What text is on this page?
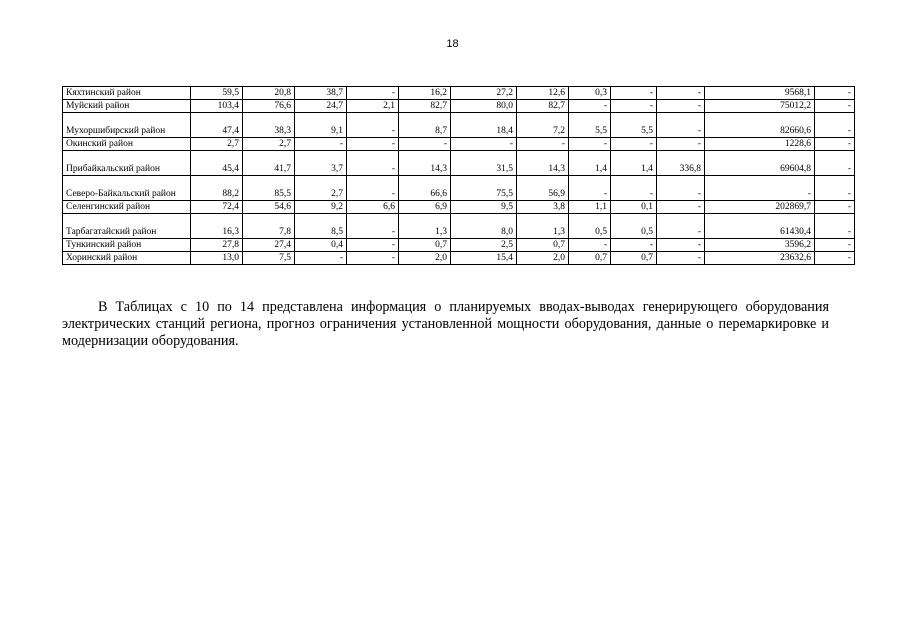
18
Кяхтинский район	59,5	20,8	38,7	-	16,2	27,2	12,6	0,3	-	-	9568,1	-
Муйский район	103,4	76,6	24,7	2,1	82,7	80,0	82,7	-	-	-	75012,2	-
Мухоршибирский район	47,4	38,3	9,1	-	8,7	18,4	7,2	5,5	5,5	-	82660,6	-
Окинский район	2,7	2,7	-	-	-	-	-	-	-	-	1228,6	-
Прибайкальский район	45,4	41,7	3,7	-	14,3	31,5	14,3	1,4	1,4	336,8	69604,8	-
Северо-Байкальский район	88,2	85,5	2,7	-	66,6	75,5	56,9	-	-	-	-	-
Селенгинский район	72,4	54,6	9,2	6,6	6,9	9,5	3,8	1,1	0,1	-	202869,7	-
Тарбагатайский район	16,3	7,8	8,5	-	1,3	8,0	1,3	0,5	0,5	-	61430,4	-
Тункинский район	27,8	27,4	0,4	-	0,7	2,5	0,7	-	-	-	3596,2	-
Хоринский район	13,0	7,5	-	-	2,0	15,4	2,0	0,7	0,7	-	23632,6	-

В Таблицах с 10 по 14 представлена информация о планируемых вводах-выводах генерирующего оборудования электрических станций региона, прогноз ограничения установленной мощности оборудования, данные о перемаркировке и модернизации оборудования.
